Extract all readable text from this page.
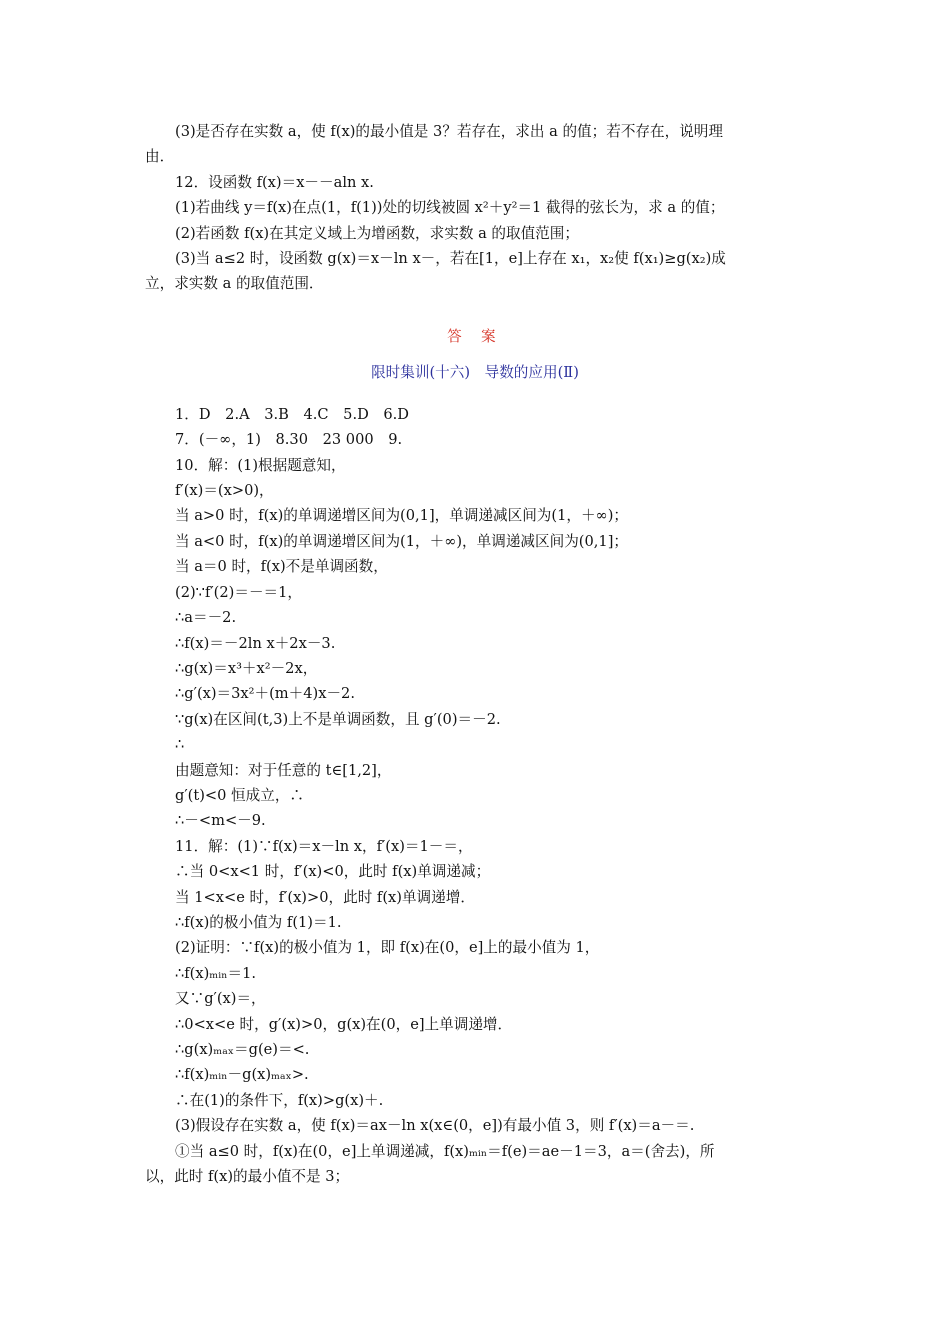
(3)是否存在实数 a，使 f(x)的最小值是 3？若存在，求出 a 的值；若不存在，说明理

由．

12．设函数 f(x)＝x－－aln x.

(1)若曲线 y＝f(x)在点(1，f(1))处的切线被圆 x²＋y²＝1 截得的弦长为，求 a 的值；

(2)若函数 f(x)在其定义域上为增函数，求实数 a 的取值范围；

(3)当 a≤2 时，设函数 g(x)＝x－ln x－，若在[1，e]上存在 x₁，x₂使 f(x₁)≥g(x₂)成

立，求实数 a 的取值范围．

答 案

限时集训(十六)　导数的应用(Ⅱ)

1．D　2.A　3.B　4.C　5.D　6.D

7．(－∞，1)　8.30　23 000　9.

10．解：(1)根据题意知，

f′(x)＝(x>0)，

当 a>0 时，f(x)的单调递增区间为(0,1]，单调递减区间为(1，＋∞)；

当 a<0 时，f(x)的单调递增区间为(1，＋∞)，单调递减区间为(0,1]；

当 a＝0 时，f(x)不是单调函数，

(2)∵f′(2)＝－＝1，

∴a＝－2.

∴f(x)＝－2ln x＋2x－3.

∴g(x)＝x³＋x²－2x，

∴g′(x)＝3x²＋(m＋4)x－2.

∵g(x)在区间(t,3)上不是单调函数，且 g′(0)＝－2.

∴

由题意知：对于任意的 t∈[1,2]，

g′(t)<0 恒成立，∴

∴－<m<－9.

11．解：(1)∵f(x)＝x－ln x，f′(x)＝1－＝，

∴当 0<x<1 时，f′(x)<0，此时 f(x)单调递减；

当 1<x<e 时，f′(x)>0，此时 f(x)单调递增．

∴f(x)的极小值为 f(1)＝1.

(2)证明：∵f(x)的极小值为 1，即 f(x)在(0，e]上的最小值为 1，

∴f(x)ₘᵢₙ＝1.

又∵g′(x)＝，

∴0<x<e 时，g′(x)>0，g(x)在(0，e]上单调递增．

∴g(x)ₘₐₓ＝g(e)＝<.

∴f(x)ₘᵢₙ－g(x)ₘₐₓ>.

∴在(1)的条件下，f(x)>g(x)＋.

(3)假设存在实数 a，使 f(x)＝ax－ln x(x∈(0，e])有最小值 3，则 f′(x)＝a－＝.

①当 a≤0 时，f(x)在(0，e]上单调递减，f(x)ₘᵢₙ＝f(e)＝ae－1＝3，a＝(舍去)，所

以，此时 f(x)的最小值不是 3；
